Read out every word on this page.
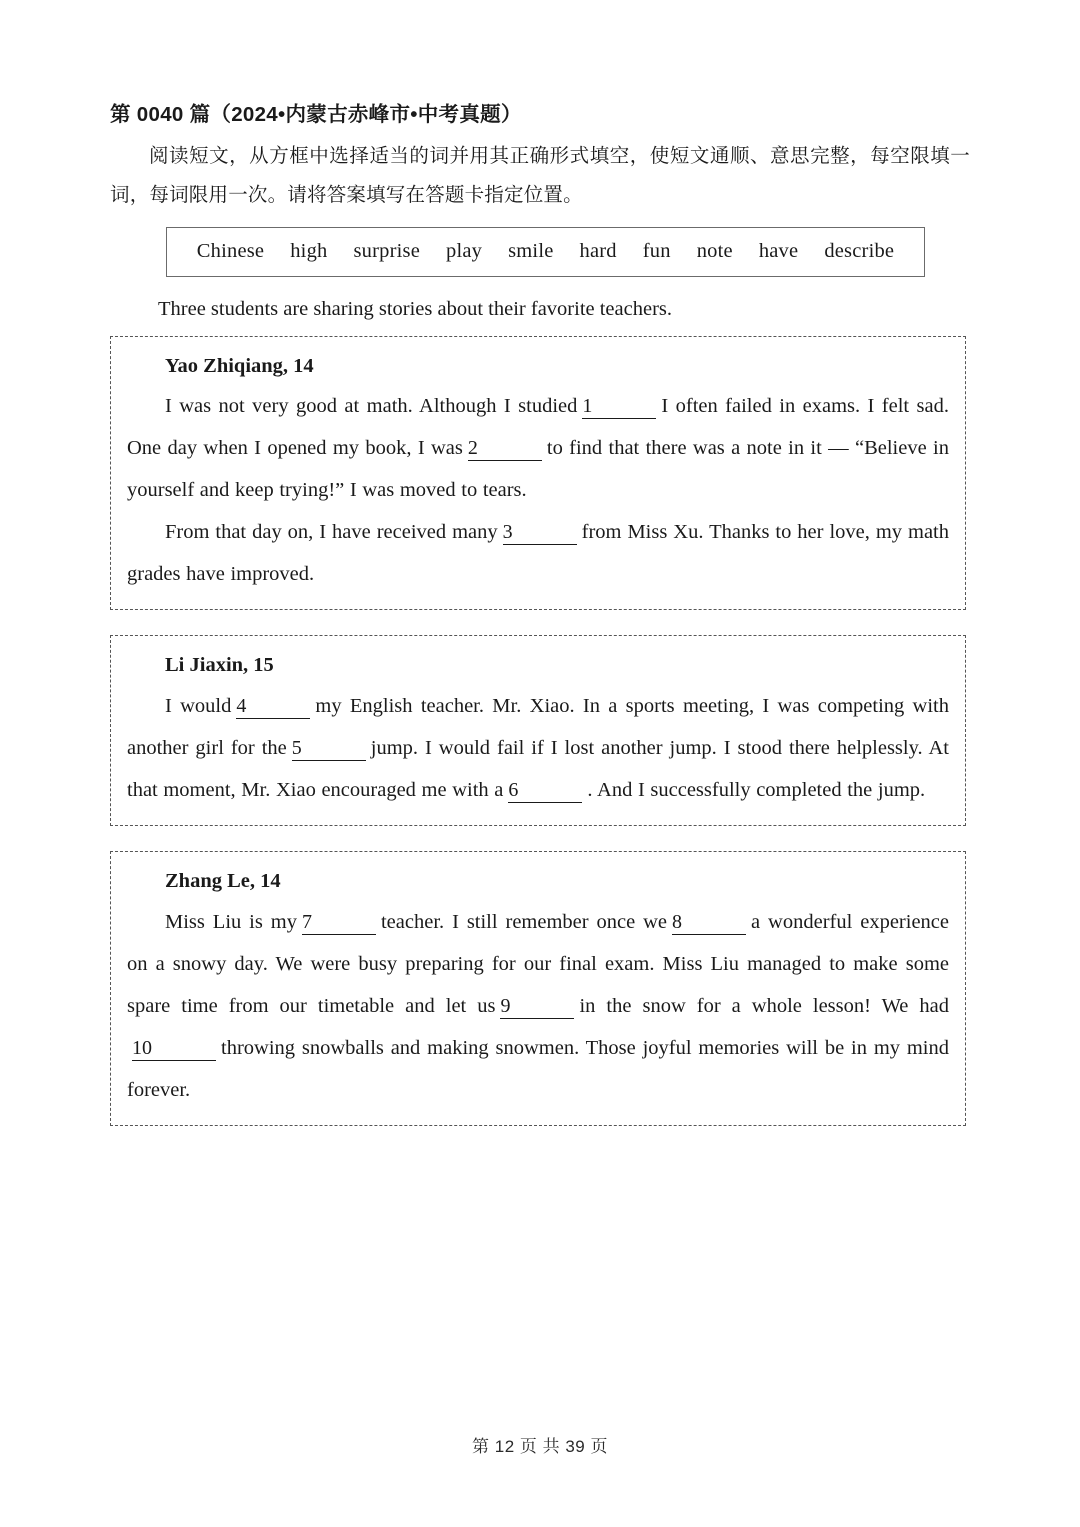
第 0040 篇（2024•内蒙古赤峰市•中考真题）

阅读短文，从方框中选择适当的词并用其正确形式填空，使短文通顺、意思完整，每空限填一词，每词限用一次。请将答案填写在答题卡指定位置。

Chinese	high	surprise	play	smile	hard	fun	note	have	describe

Three students are sharing stories about their favorite teachers.

Yao Zhiqiang, 14

I was not very good at math. Although I studied 1	I often failed in exams. I felt sad. One day when I opened my book, I was 2	to find that there was a note in it — “Believe in yourself and keep trying!” I was moved to tears.

From that day on, I have received many 3	from Miss Xu. Thanks to her love, my math grades have improved.

Li Jiaxin, 15

I would 4	my English teacher. Mr. Xiao. In a sports meeting, I was competing with another girl for the 5	jump. I would fail if I lost another jump. I stood there helplessly. At that moment, Mr. Xiao encouraged me with a 6	. And I successfully completed the jump.

Zhang Le, 14

Miss Liu is my 7	teacher. I still remember once we 8	a wonderful experience on a snowy day. We were busy preparing for our final exam. Miss Liu managed to make some spare time from our timetable and let us 9	in the snow for a whole lesson! We had10	throwing snowballs and making snowmen. Those joyful memories will be in my mind forever.

第 12 页 共 39 页
